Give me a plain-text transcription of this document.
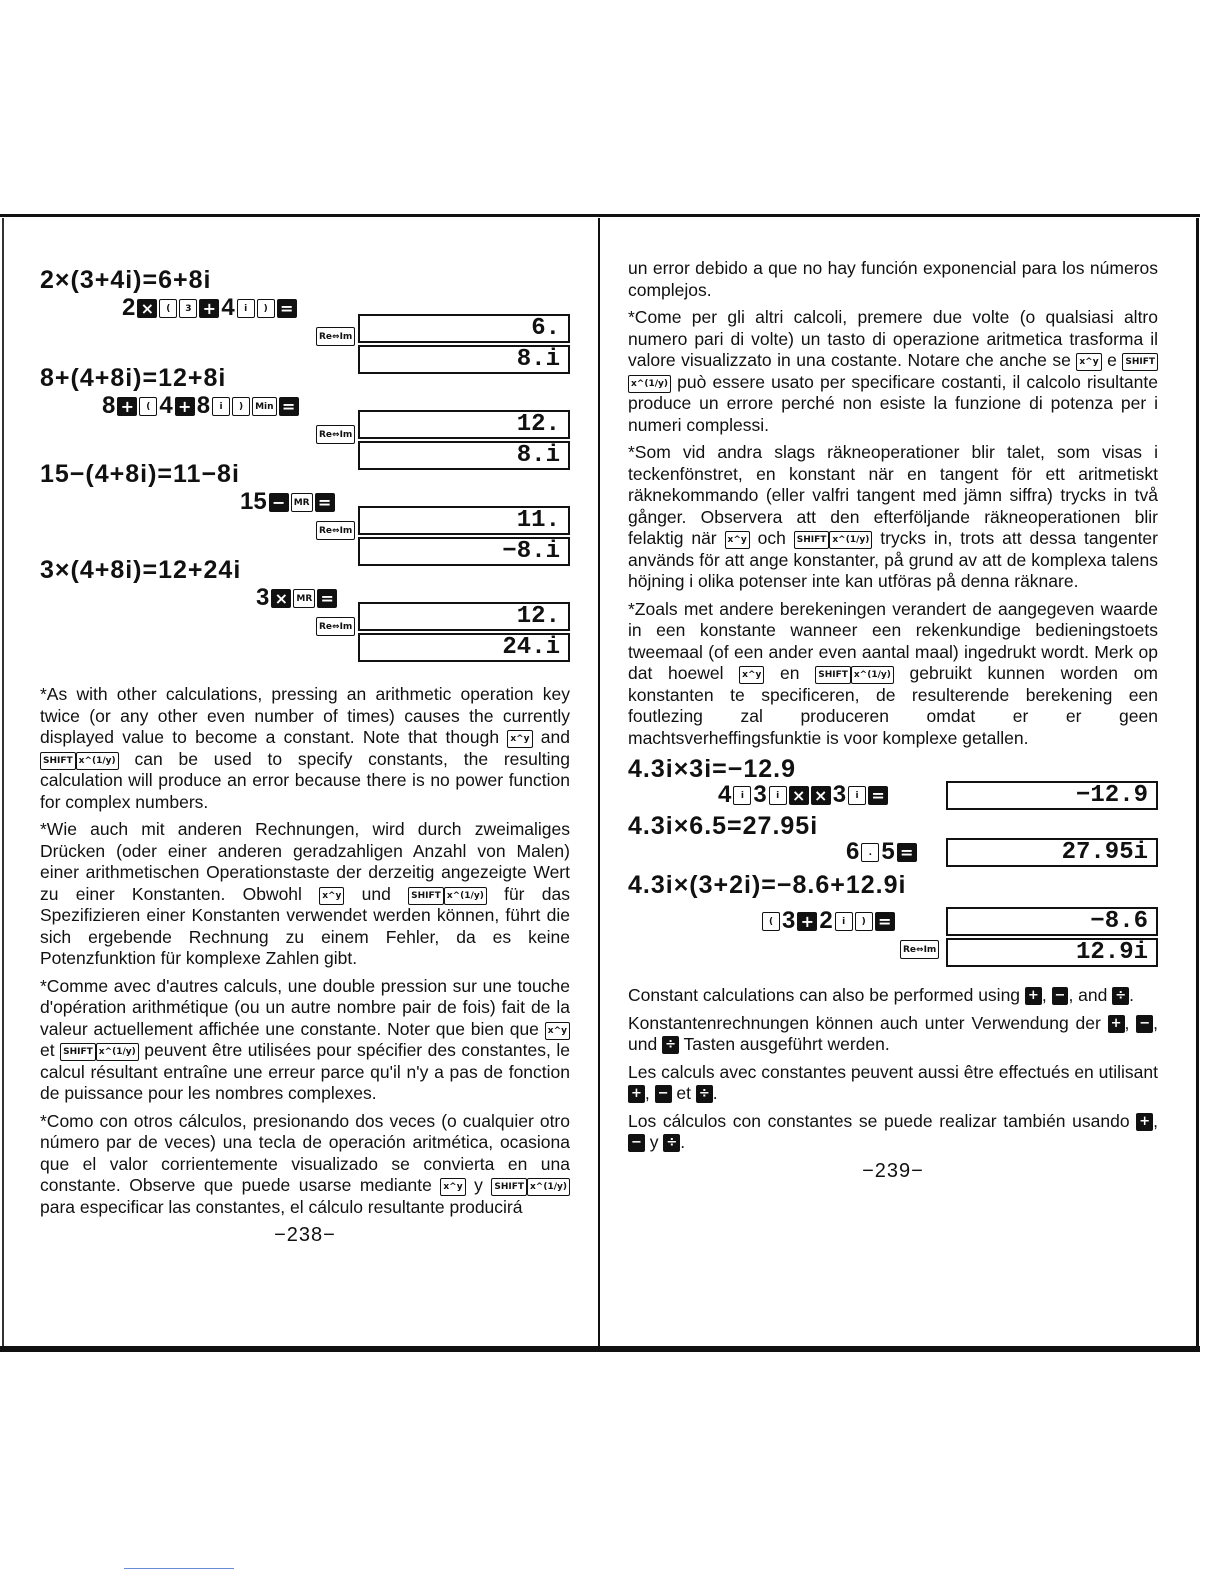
2×(3+4i)=6+8i
2 ×	(	3 + 4	i	) =
6.
Re⇔Im
8.i
8+(4+8i)=12+8i
8 +	( 4 + 8	i	)	Min =
12.
Re⇔Im
8.i
15−(4+8i)=11−8i
15 − MR =
11.
Re⇔Im
−8.i
3×(4+8i)=12+24i
3 × MR =
12.
Re⇔Im
24.i
*As with other calculations, pressing an arithmetic operation key twice (or any other even number of times) causes the currently displayed value to become a constant. Note that though x^y and SHIFT x^(1/y) can be used to specify constants, the resulting calculation will produce an error because there is no power function for complex numbers.
*Wie auch mit anderen Rechnungen, wird durch zweimaliges Drücken (oder einer anderen geradzahligen Anzahl von Malen) einer arithmetischen Operationstaste der derzeitig angezeigte Wert zu einer Konstanten. Obwohl x^y und SHIFT x^(1/y) für das Spezifizieren einer Konstanten verwendet werden können, führt die sich ergebende Rechnung zu einem Fehler, da es keine Potenzfunktion für komplexe Zahlen gibt.
*Comme avec d'autres calculs, une double pression sur une touche d'opération arithmétique (ou un autre nombre pair de fois) fait de la valeur actuellement affichée une constante. Noter que bien que x^y et SHIFT x^(1/y) peuvent être utilisées pour spécifier des constantes, le calcul résultant entraîne une erreur parce qu'il n'y a pas de fonction de puissance pour les nombres complexes.
*Como con otros cálculos, presionando dos veces (o cualquier otro número par de veces) una tecla de operación aritmética, ocasiona que el valor corrientemente visualizado se convierta en una constante. Observe que puede usarse mediante x^y y SHIFT x^(1/y) para especificar las constantes, el cálculo resultante producirá
−238−
un error debido a que no hay función exponencial para los números complejos.
*Come per gli altri calcoli, premere due volte (o qualsiasi altro numero pari di volte) un tasto di operazione aritmetica trasforma il valore visualizzato in una costante. Notare che anche se x^y e SHIFTx^(1/y) può essere usato per specificare costanti, il calcolo risultante produce un errore perché non esiste la funzione di potenza per i numeri complessi.
*Som vid andra slags räkneoperationer blir talet, som visas i teckenfönstret, en konstant när en tangent för ett aritmetiskt räknekommando (eller valfri tangent med jämn siffra) trycks in två gånger. Observera att den efterföljande räkneoperationen blir felaktig när x^y och SHIFT x^(1/y) trycks in, trots att dessa tangenter används för att ange konstanter, på grund av att de komplexa talens höjning i olika potenser inte kan utföras på denna räknare.
*Zoals met andere berekeningen verandert de aangegeven waarde in een konstante wanneer een rekenkundige bedieningstoets tweemaal (of een ander even aantal maal) ingedrukt wordt. Merk op dat hoewel x^y en SHIFT x^(1/y) gebruikt kunnen worden om konstanten te specificeren, de resulterende berekening een foutlezing zal produceren omdat er er geen machtsverheffingsfunktie is voor komplexe getallen.
4.3i×3i=−12.9
4	i 3	i × × 3	i =	−12.9
4.3i×6.5=27.95i
6	. 5 =	27.95i
4.3i×(3+2i)=−8.6+12.9i
( 3 + 2	i	) =	−8.6
Re⇔Im	12.9i
Constant calculations can also be performed using + , − , and ÷ .
Konstantenrechnungen können auch unter Verwendung der + , − , und ÷ Tasten ausgeführt werden.
Les calculs avec constantes peuvent aussi être effectués en utilisant + , − et ÷ .
Los cálculos con constantes se puede realizar también usando + , − y ÷ .
−239−
